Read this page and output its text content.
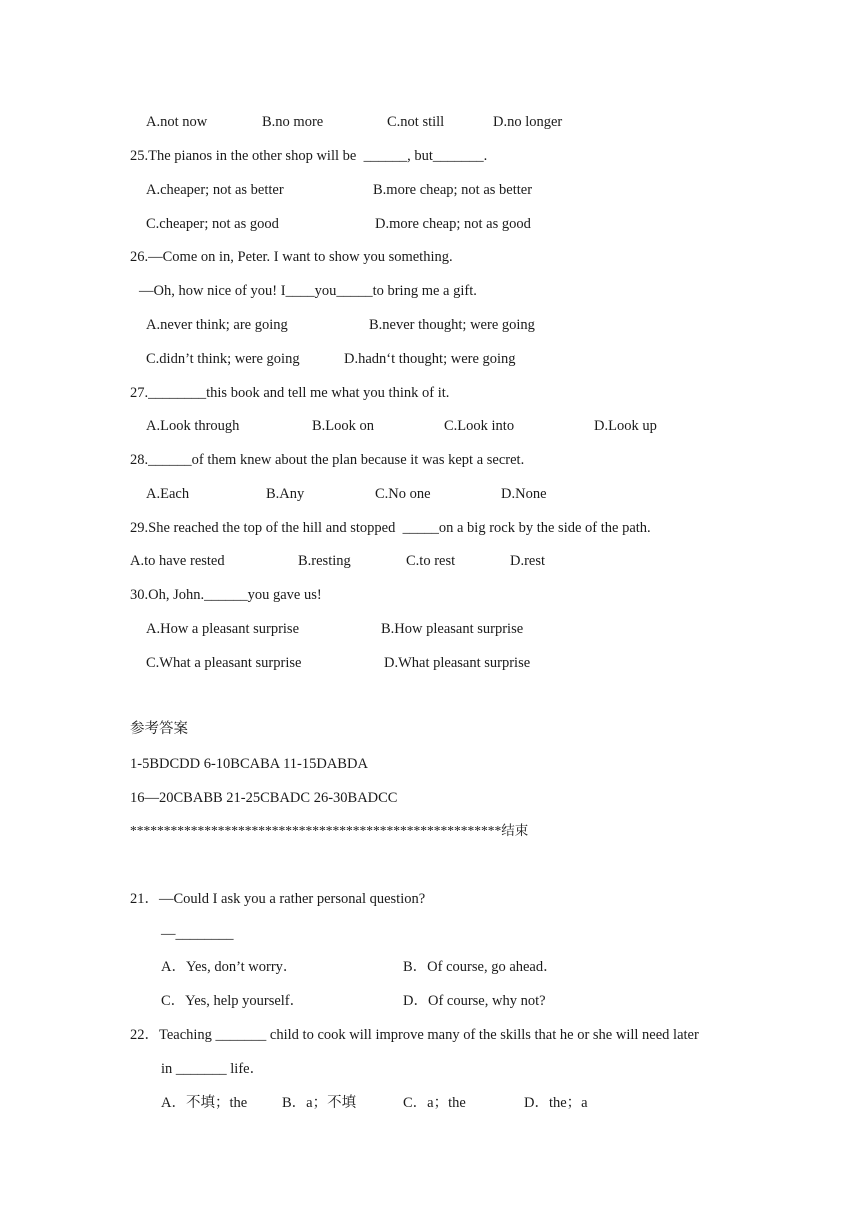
A.not now	B.no more	C.not still	D.no longer
25.The pianos in the other shop will be  ______, but_______.
A.cheaper; not as better	B.more cheap; not as better
C.cheaper; not as good	D.more cheap; not as good
26.—Come on in, Peter. I want to show you something.
—Oh, how nice of you! I____you_____to bring me a gift.
A.never think; are going	B.never thought; were going
C.didn’t think; were going	D.hadn‘t thought; were going
27.________this book and tell me what you think of it.
A.Look through	B.Look on	C.Look into	D.Look up
28.______of them knew about the plan because it was kept a secret.
A.Each	B.Any	C.No one	D.None
29.She reached the top of the hill and stopped  _____on a big rock by the side of the path.
A.to have rested	B.resting	C.to rest	D.rest
30.Oh, John.______you gave us!
A.How a pleasant surprise	B.How pleasant surprise
C.What a pleasant surprise	D.What pleasant surprise
参考答案
1-5BDCDD 6-10BCABA 11-15DABDA
16—20CBABB 21-25CBADC 26-30BADCC
*******************************************************结束
21．—Could I ask you a rather personal question?
—________
A．Yes, don’t worry．	B．Of course, go ahead．
C．Yes, help yourself．	D．Of course, why not?
22．Teaching _______ child to cook will improve many of the skills that he or she will need later
in _______ life．
A．不填；the B．a；不填	C．a；the	D．the；a
